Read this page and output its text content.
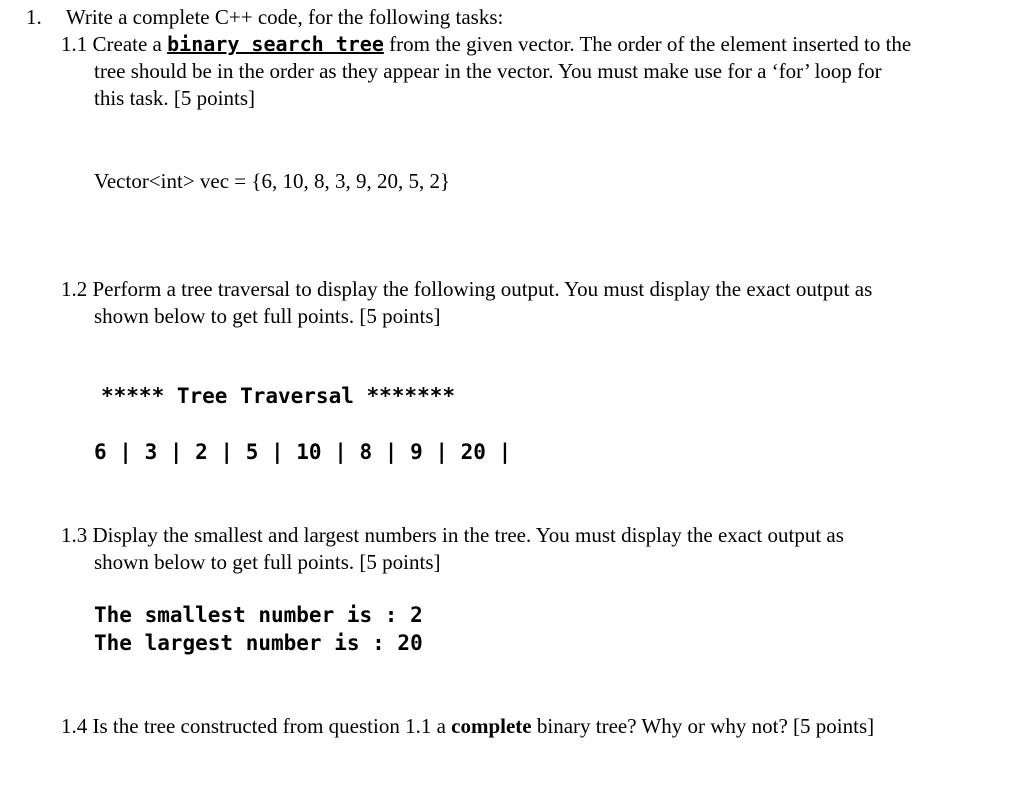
1. Write a complete C++ code, for the following tasks:
1.1 Create a binary search tree from the given vector. The order of the element inserted to the
tree should be in the order as they appear in the vector. You must make use for a ‘for’ loop for
this task. [5 points]
Vector<int> vec = {6, 10, 8, 3, 9, 20, 5, 2}
1.2 Perform a tree traversal to display the following output. You must display the exact output as
shown below to get full points. [5 points]
***** Tree Traversal *******
6 | 3 | 2 | 5 | 10 | 8 | 9 | 20 |
1.3 Display the smallest and largest numbers in the tree. You must display the exact output as
shown below to get full points. [5 points]
The smallest number is : 2
The largest number is : 20
1.4 Is the tree constructed from question 1.1 a complete binary tree? Why or why not? [5 points]
